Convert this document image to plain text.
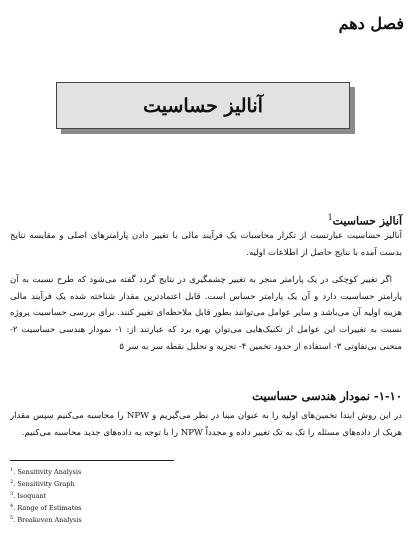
فصل دهم
آنالیز حساسیت
آنالیز حساسیت$^1$

آنالیز حساسیت عبارتست از تکرار محاسبات یک فرآیند مالی با تغییر دادن پارامترهای اصلی و مقایسه نتایج بدست آمده با نتایج حاصل از اطلاعات اولیه.

اگر تغییر کوچکی در یک پارامتر منجر به تغییر چشمگیری در نتایج گردد گفته می‌شود که طرح نسبت به آن پارامتر حساسیت دارد و آن یک پارامتر حساس است. قابل اعتمادترین مقدار شناخته شده یک فرآیند مالی هزینه اولیه آن می‌باشد و سایر عوامل می‌توانند بطور قابل ملاحظه‌ای تغییر کنند. برای بررسی حساسیت پروژه نسبت به تغییرات این عوامل از تکنیک‌هایی می‌توان بهره برد که عبارتند از: ۱- نمودار هندسی حساسیت ۲- منحنی بی‌تفاوتی ۳- استفاده از حدود تخمین ۴- تجزیه و تحلیل نقطه سر به سر ۵

۱-۱۰- نمودار هندسی حساسیت

در این روش ابتدا تخمین‌های اولیه را به عنوان مبنا در نظر می‌گیریم و NPW را محاسبه می‌کنیم سپس مقدار هریک از داده‌های مسئله را تک به تک تغییر داده و مجدداً NPW را با توجه به داده‌های جدید محاسبه می‌کنیم.

$^1$. Sensitivity Analysis
$^2$. Sensitivity Graph
$^3$. Isoquant
$^4$. Range of Estimates
$^5$. Breakeven Analysis
